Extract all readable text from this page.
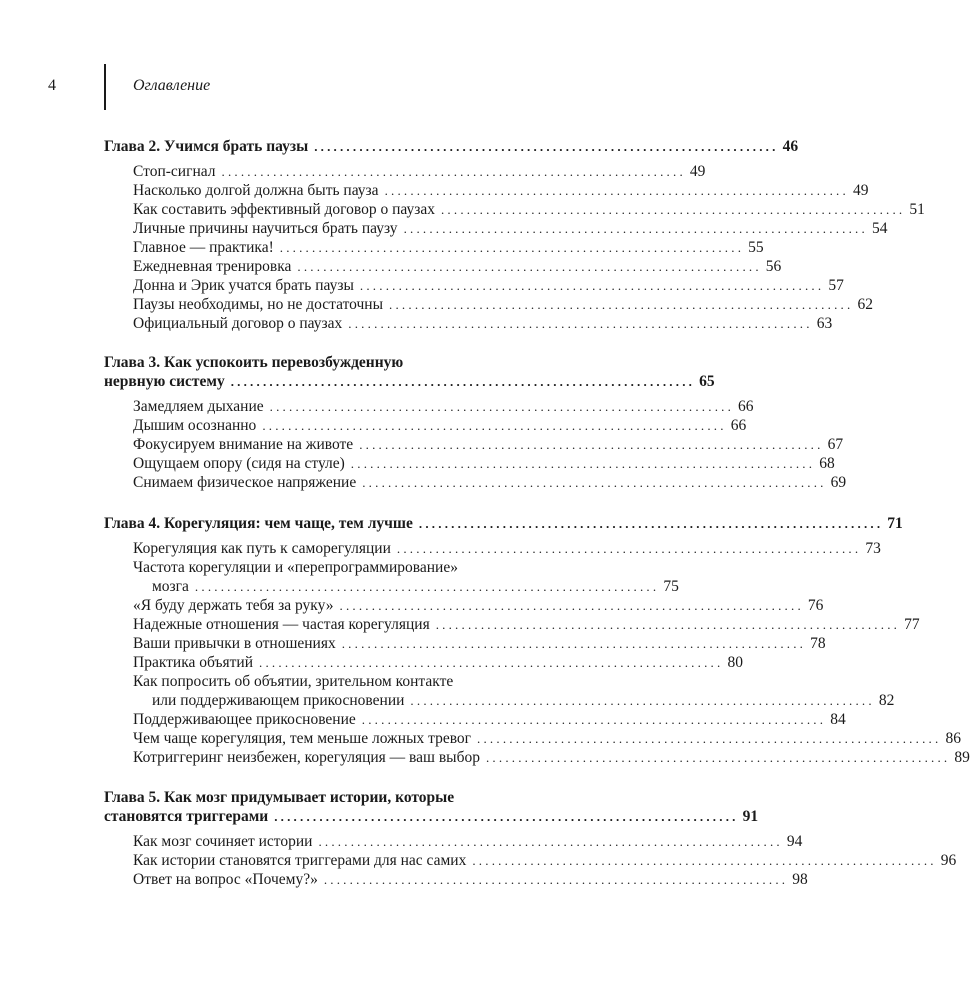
4	Оглавление
Глава 2. Учимся брать паузы ........................................................................ 46
Стоп-сигнал ........................................................................ 49
Насколько долгой должна быть пауза ........................................................................ 49
Как составить эффективный договор о паузах ........................................................................ 51
Личные причины научиться брать паузу ........................................................................ 54
Главное — практика! ........................................................................ 55
Ежедневная тренировка ........................................................................ 56
Донна и Эрик учатся брать паузы ........................................................................ 57
Паузы необходимы, но не достаточны ........................................................................ 62
Официальный договор о паузах ........................................................................ 63
Глава 3. Как успокоить перевозбужденную
нервную систему ........................................................................ 65
Замедляем дыхание ........................................................................ 66
Дышим осознанно ........................................................................ 66
Фокусируем внимание на животе ........................................................................ 67
Ощущаем опору (сидя на стуле) ........................................................................ 68
Снимаем физическое напряжение ........................................................................ 69
Глава 4. Корегуляция: чем чаще, тем лучше ........................................................................ 71
Корегуляция как путь к саморегуляции ........................................................................ 73
Частота корегуляции и «перепрограммирование»
мозга ........................................................................ 75
«Я буду держать тебя за руку» ........................................................................ 76
Надежные отношения — частая корегуляция ........................................................................ 77
Ваши привычки в отношениях ........................................................................ 78
Практика объятий ........................................................................ 80
Как попросить об объятии, зрительном контакте
или поддерживающем прикосновении ........................................................................ 82
Поддерживающее прикосновение ........................................................................ 84
Чем чаще корегуляция, тем меньше ложных тревог ........................................................................ 86
Котриггеринг неизбежен, корегуляция — ваш выбор ........................................................................ 89
Глава 5. Как мозг придумывает истории, которые
становятся триггерами ........................................................................ 91
Как мозг сочиняет истории ........................................................................ 94
Как истории становятся триггерами для нас самих ........................................................................ 96
Ответ на вопрос «Почему?» ........................................................................ 98
